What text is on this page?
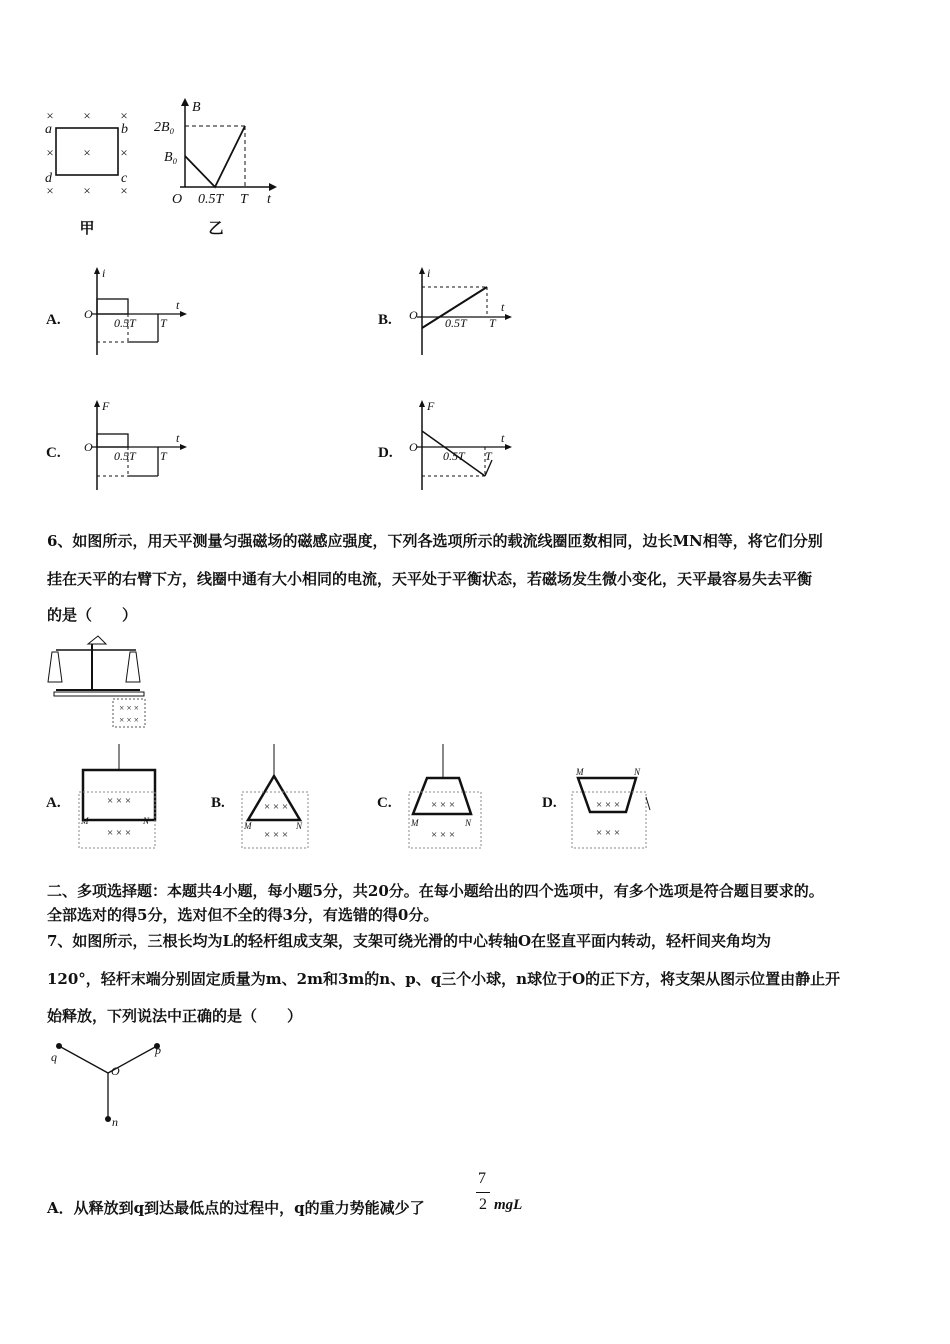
× × ×
× × ×
× × ×
a	b
c
d
甲
B
t
O
2B₀
B₀
0.5T T
乙
A.
i
t
O
0.5T T	B.
i
t
O
0.5T T
C.
F
t
O
0.5T T	D.
F
t
O
0.5T T
6、如图所示，用天平测量匀强磁场的磁感应强度，下列各选项所示的载流线圈匝数相同，边长MN相等，将它们分别
挂在天平的右臂下方，线圈中通有大小相同的电流，天平处于平衡状态，若磁场发生微小变化，天平最容易失去平衡
的是（　　）
× × ×
× × ×
A.	× × ×
× × ×
M	N
B.	× × ×
× × ×
M	N
C.	× × ×
× × ×
M	N
D.	× × ×
× × ×
M	N
二、多项选择题：本题共4小题，每小题5分，共20分。在每小题给出的四个选项中，有多个选项是符合题目要求的。
全部选对的得5分，选对但不全的得3分，有选错的得0分。
7、如图所示，三根长均为L的轻杆组成支架，支架可绕光滑的中心转轴O在竖直平面内转动，轻杆间夹角均为
120°，轻杆末端分别固定质量为m、2m和3m的n、p、q三个小球，n球位于O的正下方，将支架从图示位置由静止开
始释放，下列说法中正确的是（　　）
q	p
O
n
A．从释放到q到达最低点的过程中，q的重力势能减少了
7
2 mgL
